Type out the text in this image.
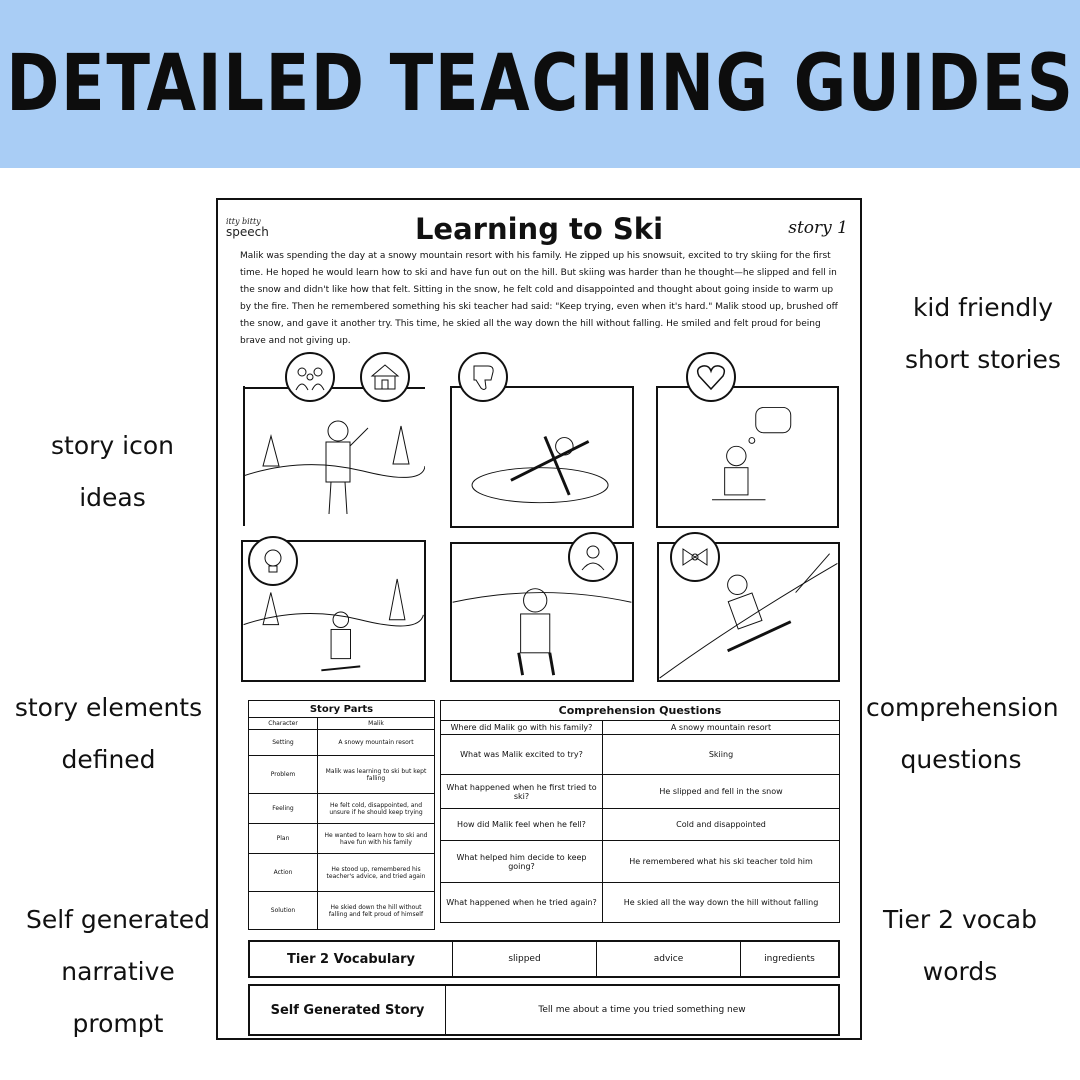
DETAILED TEACHING GUIDES
kid friendly
short stories
story icon
ideas
story elements
defined
comprehension
questions
Self generated
narrative
prompt
Tier 2 vocab
words
itty bitty
speech	Learning to Ski	story 1

Malik was spending the day at a snowy mountain resort with his family. He zipped up his snowsuit, excited to try skiing for the first time. He hoped he would learn how to ski and have fun out on the hill. But skiing was harder than he thought—he slipped and fell in the snow and didn't like how that felt. Sitting in the snow, he felt cold and disappointed and thought about going inside to warm up by the fire. Then he remembered something his ski teacher had said: "Keep trying, even when it's hard." Malik stood up, brushed off the snow, and gave it another try. This time, he skied all the way down the hill without falling. He smiled and felt proud for being brave and not giving up.

Story Parts	
Character	Malik
Setting	A snowy mountain resort
Problem	Malik was learning to ski but kept falling
Feeling	He felt cold, disappointed, and unsure if he should keep trying
Plan	He wanted to learn how to ski and have fun with his family
Action	He stood up, remembered his teacher's advice, and tried again
Solution	He skied down the hill without falling and felt proud of himself
Comprehension Questions	
Where did Malik go with his family?	A snowy mountain resort
What was Malik excited to try?	Skiing
What happened when he first tried to ski?	He slipped and fell in the snow
How did Malik feel when he fell?	Cold and disappointed
What helped him decide to keep going?	He remembered what his ski teacher told him
What happened when he tried again?	He skied all the way down the hill without falling
Tier 2 Vocabulary	slipped	advice	ingredients
Self Generated Story	Tell me about a time you tried something new
